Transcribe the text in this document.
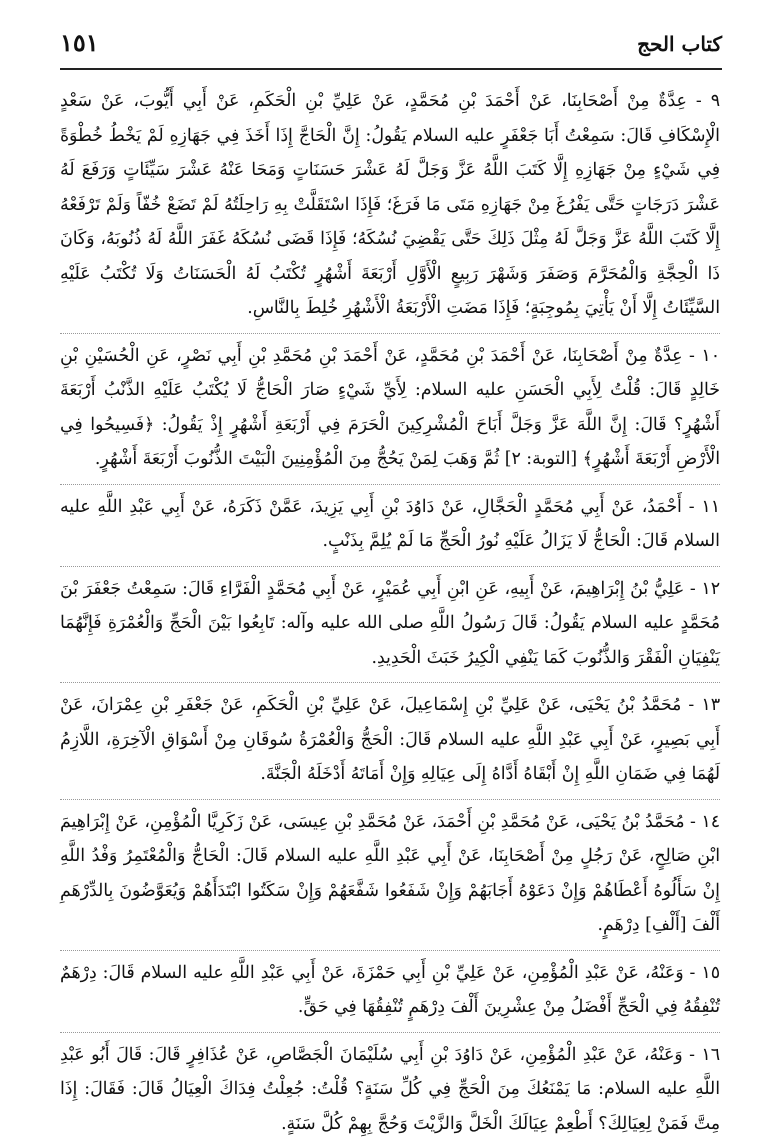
كتاب الحج
١٥١

٩ - عِدَّةٌ مِنْ أَصْحَابِنَا، عَنْ أَحْمَدَ بْنِ مُحَمَّدٍ، عَنْ عَلِيِّ بْنِ الْحَكَمِ، عَنْ أَبِي أَيُّوبَ، عَنْ سَعْدٍ الْإِسْكَافِ قَالَ: سَمِعْتُ أَبَا جَعْفَرٍ عليه السلام يَقُولُ: إِنَّ الْحَاجَّ إِذَا أَخَذَ فِي جَهَازِهِ لَمْ يَخْطُ خُطْوَةً فِي شَيْءٍ مِنْ جَهَازِهِ إِلَّا كَتَبَ اللَّهُ عَزَّ وَجَلَّ لَهُ عَشْرَ حَسَنَاتٍ وَمَحَا عَنْهُ عَشْرَ سَيِّئَاتٍ وَرَفَعَ لَهُ عَشْرَ دَرَجَاتٍ حَتَّى يَفْرُغَ مِنْ جَهَازِهِ مَتَى مَا فَرَغَ؛ فَإِذَا اسْتَقَلَّتْ بِهِ رَاحِلَتُهُ لَمْ تَضَعْ خُفّاً وَلَمْ تَرْفَعْهُ إِلَّا كَتَبَ اللَّهُ عَزَّ وَجَلَّ لَهُ مِثْلَ ذَلِكَ حَتَّى يَقْضِيَ نُسُكَهُ؛ فَإِذَا قَضَى نُسُكَهُ غَفَرَ اللَّهُ لَهُ ذُنُوبَهُ، وَكَانَ ذَا الْحِجَّةِ وَالْمُحَرَّمَ وَصَفَرَ وَشَهْرَ رَبِيعٍ الْأَوَّلِ أَرْبَعَةَ أَشْهُرٍ تُكْتَبُ لَهُ الْحَسَنَاتُ وَلَا تُكْتَبُ عَلَيْهِ السَّيِّئَاتُ إِلَّا أَنْ يَأْتِيَ بِمُوجِبَةٍ؛ فَإِذَا مَضَتِ الْأَرْبَعَةُ الْأَشْهُرِ خُلِطَ بِالنَّاسِ.

١٠ - عِدَّةٌ مِنْ أَصْحَابِنَا، عَنْ أَحْمَدَ بْنِ مُحَمَّدٍ، عَنْ أَحْمَدَ بْنِ مُحَمَّدِ بْنِ أَبِي نَصْرٍ، عَنِ الْحُسَيْنِ بْنِ خَالِدٍ قَالَ: قُلْتُ لِأَبِي الْحَسَنِ عليه السلام: لِأَيِّ شَيْءٍ صَارَ الْحَاجُّ لَا يُكْتَبُ عَلَيْهِ الذَّنْبُ أَرْبَعَةَ أَشْهُرٍ؟ قَالَ: إِنَّ اللَّهَ عَزَّ وَجَلَّ أَبَاحَ الْمُشْرِكِينَ الْحَرَمَ فِي أَرْبَعَةِ أَشْهُرٍ إِذْ يَقُولُ: ﴿فَسِيحُوا فِي الْأَرْضِ أَرْبَعَةَ أَشْهُرٍ﴾ [التوبة: ٢] ثُمَّ وَهَبَ لِمَنْ يَحُجُّ مِنَ الْمُؤْمِنِينَ الْبَيْتَ الذُّنُوبَ أَرْبَعَةَ أَشْهُرٍ.

١١ - أَحْمَدُ، عَنْ أَبِي مُحَمَّدٍ الْحَجَّالِ، عَنْ دَاوُدَ بْنِ أَبِي يَزِيدَ، عَمَّنْ ذَكَرَهُ، عَنْ أَبِي عَبْدِ اللَّهِ عليه السلام قَالَ: الْحَاجُّ لَا يَزَالُ عَلَيْهِ نُورُ الْحَجِّ مَا لَمْ يُلِمَّ بِذَنْبٍ.

١٢ - عَلِيُّ بْنُ إِبْرَاهِيمَ، عَنْ أَبِيهِ، عَنِ ابْنِ أَبِي عُمَيْرٍ، عَنْ أَبِي مُحَمَّدٍ الْفَرَّاءِ قَالَ: سَمِعْتُ جَعْفَرَ بْنَ مُحَمَّدٍ عليه السلام يَقُولُ: قَالَ رَسُولُ اللَّهِ صلى الله عليه وآله: تَابِعُوا بَيْنَ الْحَجِّ وَالْعُمْرَةِ فَإِنَّهُمَا يَنْفِيَانِ الْفَقْرَ وَالذُّنُوبَ كَمَا يَنْفِي الْكِيرُ خَبَثَ الْحَدِيدِ.

١٣ - مُحَمَّدُ بْنُ يَحْيَى، عَنْ عَلِيِّ بْنِ إِسْمَاعِيلَ، عَنْ عَلِيِّ بْنِ الْحَكَمِ، عَنْ جَعْفَرِ بْنِ عِمْرَانَ، عَنْ أَبِي بَصِيرٍ، عَنْ أَبِي عَبْدِ اللَّهِ عليه السلام قَالَ: الْحَجُّ وَالْعُمْرَةُ سُوقَانِ مِنْ أَسْوَاقِ الْآخِرَةِ، اللَّازِمُ لَهُمَا فِي ضَمَانِ اللَّهِ إِنْ أَبْقَاهُ أَدَّاهُ إِلَى عِيَالِهِ وَإِنْ أَمَاتَهُ أَدْخَلَهُ الْجَنَّةَ.

١٤ - مُحَمَّدُ بْنُ يَحْيَى، عَنْ مُحَمَّدِ بْنِ أَحْمَدَ، عَنْ مُحَمَّدِ بْنِ عِيسَى، عَنْ زَكَرِيَّا الْمُؤْمِنِ، عَنْ إِبْرَاهِيمَ ابْنِ صَالِحٍ، عَنْ رَجُلٍ مِنْ أَصْحَابِنَا، عَنْ أَبِي عَبْدِ اللَّهِ عليه السلام قَالَ: الْحَاجُّ وَالْمُعْتَمِرُ وَفْدُ اللَّهِ إِنْ سَأَلُوهُ أَعْطَاهُمْ وَإِنْ دَعَوْهُ أَجَابَهُمْ وَإِنْ شَفَعُوا شَفَّعَهُمْ وَإِنْ سَكَتُوا ابْتَدَأَهُمْ وَيُعَوَّضُونَ بِالدِّرْهَمِ أَلْفَ [أَلْفِ] دِرْهَمٍ.

١٥ - وَعَنْهُ، عَنْ عَبْدِ الْمُؤْمِنِ، عَنْ عَلِيِّ بْنِ أَبِي حَمْزَةَ، عَنْ أَبِي عَبْدِ اللَّهِ عليه السلام قَالَ: دِرْهَمٌ تُنْفِقُهُ فِي الْحَجِّ أَفْضَلُ مِنْ عِشْرِينَ أَلْفَ دِرْهَمٍ تُنْفِقُهَا فِي حَقٍّ.

١٦ - وَعَنْهُ، عَنْ عَبْدِ الْمُؤْمِنِ، عَنْ دَاوُدَ بْنِ أَبِي سُلَيْمَانَ الْجَصَّاصِ، عَنْ عُذَافِرٍ قَالَ: قَالَ أَبُو عَبْدِ اللَّهِ عليه السلام: مَا يَمْنَعُكَ مِنَ الْحَجِّ فِي كُلِّ سَنَةٍ؟ قُلْتُ: جُعِلْتُ فِدَاكَ الْعِيَالُ قَالَ: فَقَالَ: إِذَا مِتَّ فَمَنْ لِعِيَالِكَ؟ أَطْعِمْ عِيَالَكَ الْخَلَّ وَالزَّيْتَ وَحُجَّ بِهِمْ كُلَّ سَنَةٍ.
